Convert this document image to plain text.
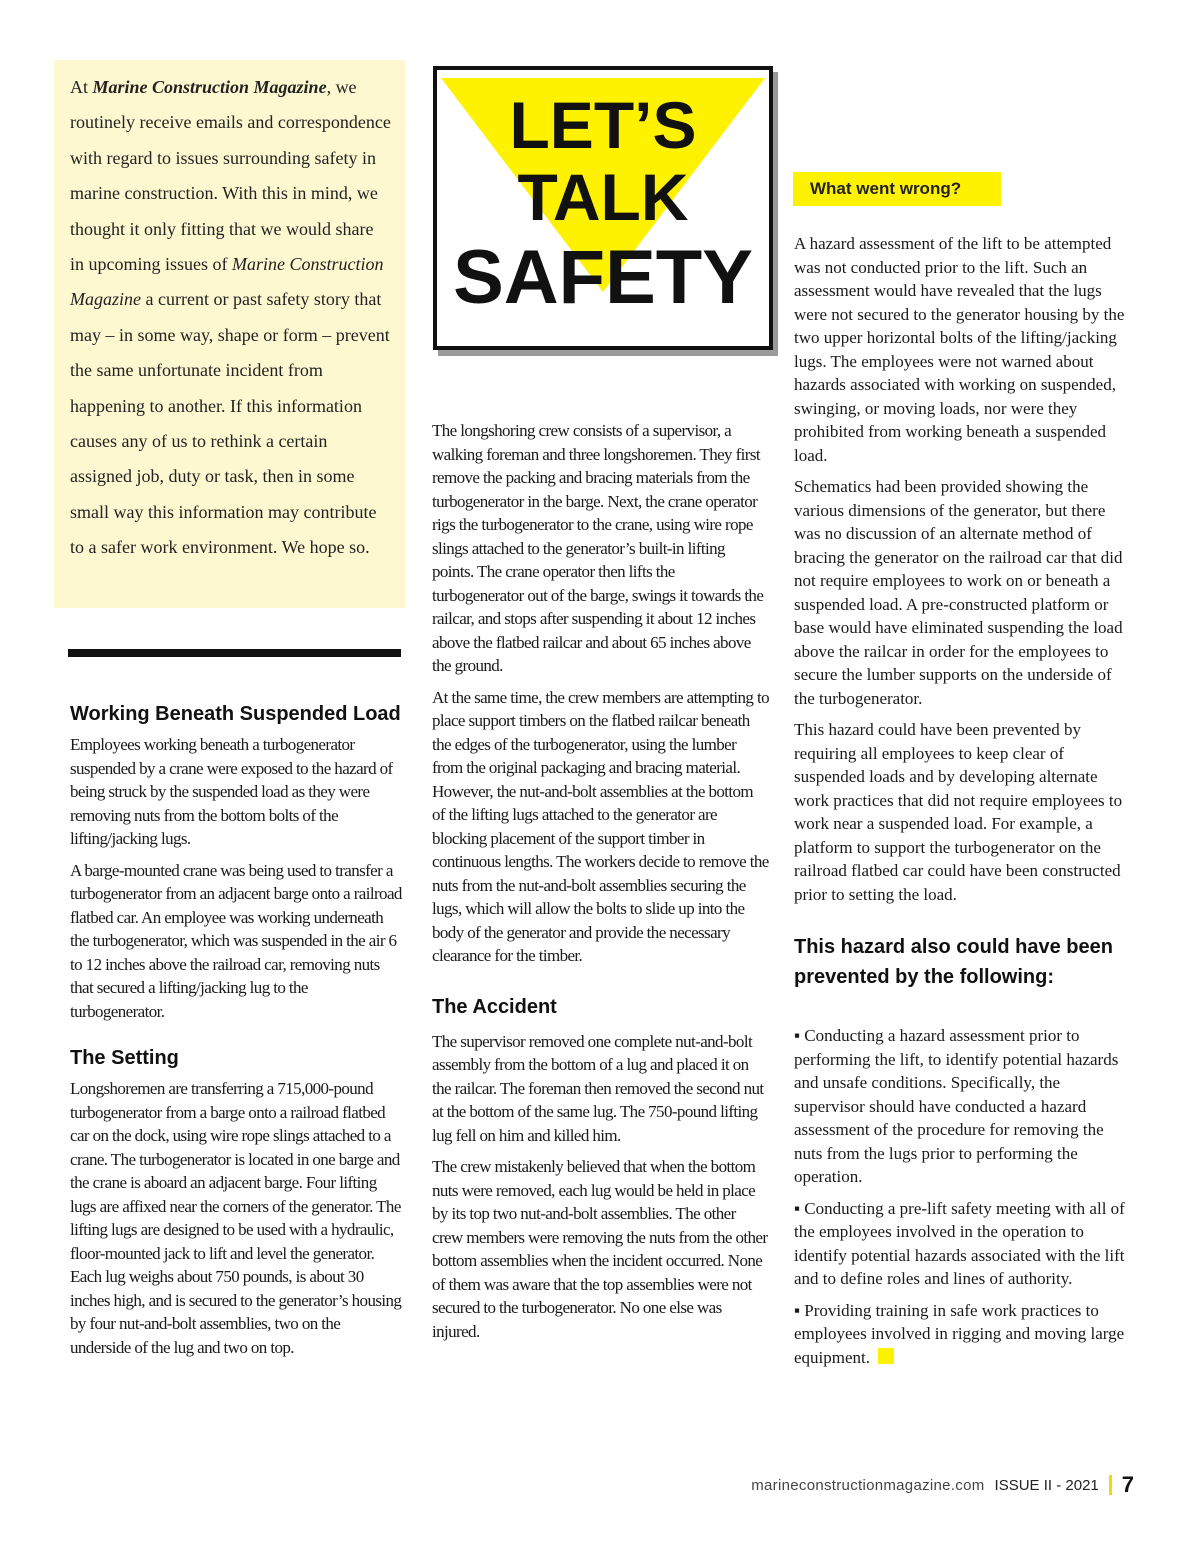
At Marine Construction Magazine, we routinely receive emails and correspondence with regard to issues surrounding safety in marine construction. With this in mind, we thought it only fitting that we would share in upcoming issues of Marine Construction Magazine a current or past safety story that may – in some way, shape or form – prevent the same unfortunate incident from happening to another. If this information causes any of us to rethink a certain assigned job, duty or task, then in some small way this information may contribute to a safer work environment. We hope so.

Working Beneath Suspended Load

Employees working beneath a turbogenerator suspended by a crane were exposed to the hazard of being struck by the suspended load as they were removing nuts from the bottom bolts of the lifting/jacking lugs.

A barge-mounted crane was being used to transfer a turbogenerator from an adjacent barge onto a railroad flatbed car. An employee was working underneath the turbogenerator, which was suspended in the air 6 to 12 inches above the railroad car, removing nuts that secured a lifting/jacking lug to the turbogenerator.

The Setting

Longshoremen are transferring a 715,000-pound turbogenerator from a barge onto a railroad flatbed car on the dock, using wire rope slings attached to a crane. The turbogenerator is located in one barge and the crane is aboard an adjacent barge. Four lifting lugs are affixed near the corners of the generator. The lifting lugs are designed to be used with a hydraulic, floor-mounted jack to lift and level the generator. Each lug weighs about 750 pounds, is about 30 inches high, and is secured to the generator’s housing by four nut-and-bolt assemblies, two on the underside of the lug and two on top.

LET’S
TALK
SAFETY

The longshoring crew consists of a supervisor, a walking foreman and three longshoremen. They first remove the packing and bracing materials from the turbogenerator in the barge. Next, the crane operator rigs the turbogenerator to the crane, using wire rope slings attached to the generator’s built-in lifting points. The crane operator then lifts the turbogenerator out of the barge, swings it towards the railcar, and stops after suspending it about 12 inches above the flatbed railcar and about 65 inches above the ground.

At the same time, the crew members are attempting to place support timbers on the flatbed railcar beneath the edges of the turbogenerator, using the lumber from the original packaging and bracing material. However, the nut-and-bolt assemblies at the bottom of the lifting lugs attached to the generator are blocking placement of the support timber in continuous lengths. The workers decide to remove the nuts from the nut-and-bolt assemblies securing the lugs, which will allow the bolts to slide up into the body of the generator and provide the necessary clearance for the timber.

The Accident

The supervisor removed one complete nut-and-bolt assembly from the bottom of a lug and placed it on the railcar. The foreman then removed the second nut at the bottom of the same lug. The 750-pound lifting lug fell on him and killed him.

The crew mistakenly believed that when the bottom nuts were removed, each lug would be held in place by its top two nut-and-bolt assemblies. The other crew members were removing the nuts from the other bottom assemblies when the incident occurred. None of them was aware that the top assemblies were not secured to the turbogenerator. No one else was injured.

What went wrong?

A hazard assessment of the lift to be attempted was not conducted prior to the lift. Such an assessment would have revealed that the lugs were not secured to the generator housing by the two upper horizontal bolts of the lifting/jacking lugs. The employees were not warned about hazards associated with working on suspended, swinging, or moving loads, nor were they prohibited from working beneath a suspended load.

Schematics had been provided showing the various dimensions of the generator, but there was no discussion of an alternate method of bracing the generator on the railroad car that did not require employees to work on or beneath a suspended load. A pre-constructed platform or base would have eliminated suspending the load above the railcar in order for the employees to secure the lumber supports on the underside of the turbogenerator.

This hazard could have been prevented by requiring all employees to keep clear of suspended loads and by developing alternate work practices that did not require employees to work near a suspended load. For example, a platform to support the turbogenerator on the railroad flatbed car could have been constructed prior to setting the load.

This hazard also could have been prevented by the following:

▪ Conducting a hazard assessment prior to performing the lift, to identify potential hazards and unsafe conditions. Specifically, the supervisor should have conducted a hazard assessment of the procedure for removing the nuts from the lugs prior to performing the operation.

▪ Conducting a pre-lift safety meeting with all of the employees involved in the operation to identify potential hazards associated with the lift and to define roles and lines of authority.

▪ Providing training in safe work practices to employees involved in rigging and moving large equipment.

marineconstructionmagazine.com ISSUE II - 2021 7
